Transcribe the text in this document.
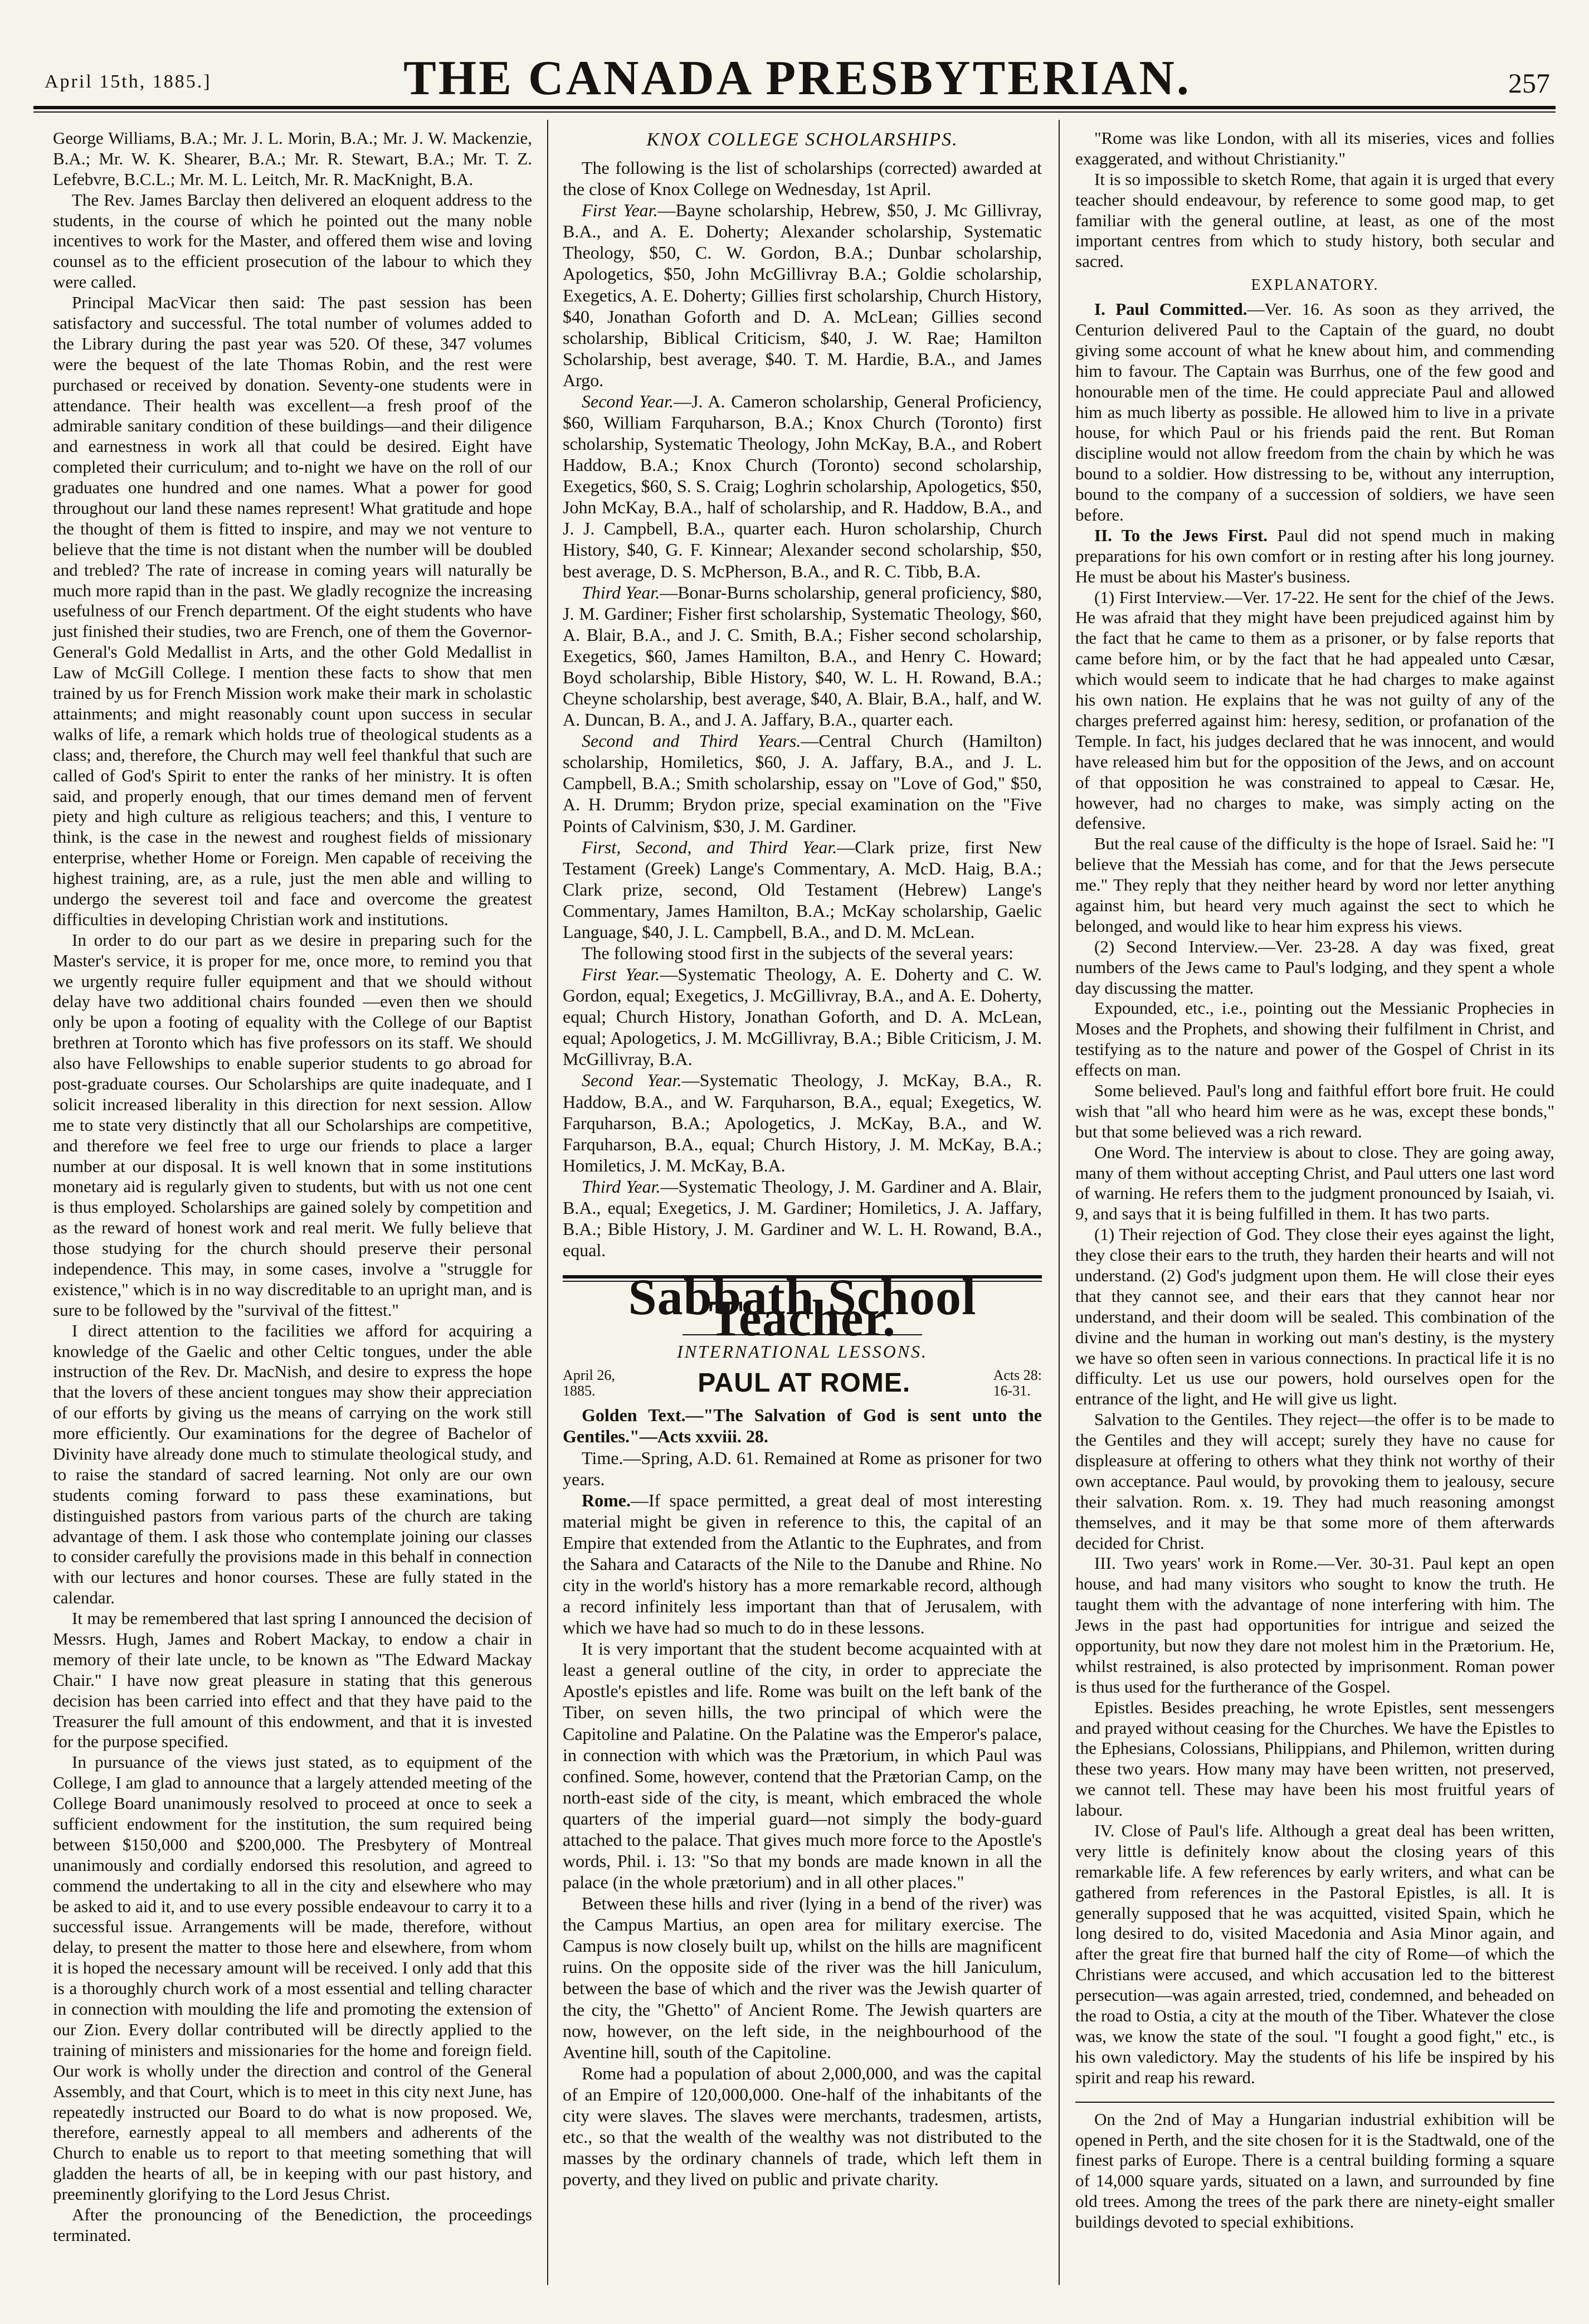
April 15th, 1885.]	THE CANADA PRESBYTERIAN.	257

George Williams, B.A.; Mr. J. L. Morin, B.A.; Mr. J. W. Mackenzie, B.A.; Mr. W. K. Shearer, B.A.; Mr. R. Stewart, B.A.; Mr. T. Z. Lefebvre, B.C.L.; Mr. M. L. Leitch, Mr. R. MacKnight, B.A.

The Rev. James Barclay then delivered an eloquent address to the students, in the course of which he pointed out the many noble incentives to work for the Master, and offered them wise and loving counsel as to the efficient prosecution of the labour to which they were called.

Principal MacVicar then said: The past session has been satisfactory and successful. The total number of volumes added to the Library during the past year was 520. Of these, 347 volumes were the bequest of the late Thomas Robin, and the rest were purchased or received by donation. Seventy-one students were in attendance. Their health was excellent—a fresh proof of the admirable sanitary condition of these buildings—and their diligence and earnestness in work all that could be desired. Eight have completed their curriculum; and to-night we have on the roll of our graduates one hundred and one names. What a power for good throughout our land these names represent! What gratitude and hope the thought of them is fitted to inspire, and may we not venture to believe that the time is not distant when the number will be doubled and trebled? The rate of increase in coming years will naturally be much more rapid than in the past. We gladly recognize the increasing usefulness of our French department. Of the eight students who have just finished their studies, two are French, one of them the Governor-General's Gold Medallist in Arts, and the other Gold Medallist in Law of McGill College. I mention these facts to show that men trained by us for French Mission work make their mark in scholastic attainments; and might reasonably count upon success in secular walks of life, a remark which holds true of theological students as a class; and, therefore, the Church may well feel thankful that such are called of God's Spirit to enter the ranks of her ministry. It is often said, and properly enough, that our times demand men of fervent piety and high culture as religious teachers; and this, I venture to think, is the case in the newest and roughest fields of missionary enterprise, whether Home or Foreign. Men capable of receiving the highest training, are, as a rule, just the men able and willing to undergo the severest toil and face and overcome the greatest difficulties in developing Christian work and institutions.

In order to do our part as we desire in preparing such for the Master's service, it is proper for me, once more, to remind you that we urgently require fuller equipment and that we should without delay have two additional chairs founded —even then we should only be upon a footing of equality with the College of our Baptist brethren at Toronto which has five professors on its staff. We should also have Fellowships to enable superior students to go abroad for post-graduate courses. Our Scholarships are quite inadequate, and I solicit increased liberality in this direction for next session. Allow me to state very distinctly that all our Scholarships are competitive, and therefore we feel free to urge our friends to place a larger number at our disposal. It is well known that in some institutions monetary aid is regularly given to students, but with us not one cent is thus employed. Scholarships are gained solely by competition and as the reward of honest work and real merit. We fully believe that those studying for the church should preserve their personal independence. This may, in some cases, involve a "struggle for existence," which is in no way discreditable to an upright man, and is sure to be followed by the "survival of the fittest."

I direct attention to the facilities we afford for acquiring a knowledge of the Gaelic and other Celtic tongues, under the able instruction of the Rev. Dr. MacNish, and desire to express the hope that the lovers of these ancient tongues may show their appreciation of our efforts by giving us the means of carrying on the work still more efficiently. Our examinations for the degree of Bachelor of Divinity have already done much to stimulate theological study, and to raise the standard of sacred learning. Not only are our own students coming forward to pass these examinations, but distinguished pastors from various parts of the church are taking advantage of them. I ask those who contemplate joining our classes to consider carefully the provisions made in this behalf in connection with our lectures and honor courses. These are fully stated in the calendar.

It may be remembered that last spring I announced the decision of Messrs. Hugh, James and Robert Mackay, to endow a chair in memory of their late uncle, to be known as "The Edward Mackay Chair." I have now great pleasure in stating that this generous decision has been carried into effect and that they have paid to the Treasurer the full amount of this endowment, and that it is invested for the purpose specified.

In pursuance of the views just stated, as to equipment of the College, I am glad to announce that a largely attended meeting of the College Board unanimously resolved to proceed at once to seek a sufficient endowment for the institution, the sum required being between $150,000 and $200,000. The Presbytery of Montreal unanimously and cordially endorsed this resolution, and agreed to commend the undertaking to all in the city and elsewhere who may be asked to aid it, and to use every possible endeavour to carry it to a successful issue. Arrangements will be made, therefore, without delay, to present the matter to those here and elsewhere, from whom it is hoped the necessary amount will be received. I only add that this is a thoroughly church work of a most essential and telling character in connection with moulding the life and promoting the extension of our Zion. Every dollar contributed will be directly applied to the training of ministers and missionaries for the home and foreign field. Our work is wholly under the direction and control of the General Assembly, and that Court, which is to meet in this city next June, has repeatedly instructed our Board to do what is now proposed. We, therefore, earnestly appeal to all members and adherents of the Church to enable us to report to that meeting something that will gladden the hearts of all, be in keeping with our past history, and preeminently glorifying to the Lord Jesus Christ.

After the pronouncing of the Benediction, the proceedings terminated.

KNOX COLLEGE SCHOLARSHIPS.

The following is the list of scholarships (corrected) awarded at the close of Knox College on Wednesday, 1st April.

First Year.—Bayne scholarship, Hebrew, $50, J. Mc Gillivray, B.A., and A. E. Doherty; Alexander scholarship, Systematic Theology, $50, C. W. Gordon, B.A.; Dunbar scholarship, Apologetics, $50, John McGillivray B.A.; Goldie scholarship, Exegetics, A. E. Doherty; Gillies first scholarship, Church History, $40, Jonathan Goforth and D. A. McLean; Gillies second scholarship, Biblical Criticism, $40, J. W. Rae; Hamilton Scholarship, best average, $40. T. M. Hardie, B.A., and James Argo.

Second Year.—J. A. Cameron scholarship, General Proficiency, $60, William Farquharson, B.A.; Knox Church (Toronto) first scholarship, Systematic Theology, John McKay, B.A., and Robert Haddow, B.A.; Knox Church (Toronto) second scholarship, Exegetics, $60, S. S. Craig; Loghrin scholarship, Apologetics, $50, John McKay, B.A., half of scholarship, and R. Haddow, B.A., and J. J. Campbell, B.A., quarter each. Huron scholarship, Church History, $40, G. F. Kinnear; Alexander second scholarship, $50, best average, D. S. McPherson, B.A., and R. C. Tibb, B.A.

Third Year.—Bonar-Burns scholarship, general proficiency, $80, J. M. Gardiner; Fisher first scholarship, Systematic Theology, $60, A. Blair, B.A., and J. C. Smith, B.A.; Fisher second scholarship, Exegetics, $60, James Hamilton, B.A., and Henry C. Howard; Boyd scholarship, Bible History, $40, W. L. H. Rowand, B.A.; Cheyne scholarship, best average, $40, A. Blair, B.A., half, and W. A. Duncan, B. A., and J. A. Jaffary, B.A., quarter each.

Second and Third Years.—Central Church (Hamilton) scholarship, Homiletics, $60, J. A. Jaffary, B.A., and J. L. Campbell, B.A.; Smith scholarship, essay on "Love of God," $50, A. H. Drumm; Brydon prize, special examination on the "Five Points of Calvinism, $30, J. M. Gardiner.

First, Second, and Third Year.—Clark prize, first New Testament (Greek) Lange's Commentary, A. McD. Haig, B.A.; Clark prize, second, Old Testament (Hebrew) Lange's Commentary, James Hamilton, B.A.; McKay scholarship, Gaelic Language, $40, J. L. Campbell, B.A., and D. M. McLean.

The following stood first in the subjects of the several years:

First Year.—Systematic Theology, A. E. Doherty and C. W. Gordon, equal; Exegetics, J. McGillivray, B.A., and A. E. Doherty, equal; Church History, Jonathan Goforth, and D. A. McLean, equal; Apologetics, J. M. McGillivray, B.A.; Bible Criticism, J. M. McGillivray, B.A.

Second Year.—Systematic Theology, J. McKay, B.A., R. Haddow, B.A., and W. Farquharson, B.A., equal; Exegetics, W. Farquharson, B.A.; Apologetics, J. McKay, B.A., and W. Farquharson, B.A., equal; Church History, J. M. McKay, B.A.; Homiletics, J. M. McKay, B.A.

Third Year.—Systematic Theology, J. M. Gardiner and A. Blair, B.A., equal; Exegetics, J. M. Gardiner; Homiletics, J. A. Jaffary, B.A.; Bible History, J. M. Gardiner and W. L. H. Rowand, B.A., equal.

Sabbath School Teacher.
INTERNATIONAL LESSONS.
April 26,
1885.	PAUL AT ROME.	Acts 28:
16-31.

Golden Text.—"The Salvation of God is sent unto the Gentiles."—Acts xxviii. 28.

Time.—Spring, A.D. 61. Remained at Rome as prisoner for two years.

Rome.—If space permitted, a great deal of most interesting material might be given in reference to this, the capital of an Empire that extended from the Atlantic to the Euphrates, and from the Sahara and Cataracts of the Nile to the Danube and Rhine. No city in the world's history has a more remarkable record, although a record infinitely less important than that of Jerusalem, with which we have had so much to do in these lessons.

It is very important that the student become acquainted with at least a general outline of the city, in order to appreciate the Apostle's epistles and life. Rome was built on the left bank of the Tiber, on seven hills, the two principal of which were the Capitoline and Palatine. On the Palatine was the Emperor's palace, in connection with which was the Prætorium, in which Paul was confined. Some, however, contend that the Prætorian Camp, on the north-east side of the city, is meant, which embraced the whole quarters of the imperial guard—not simply the body-guard attached to the palace. That gives much more force to the Apostle's words, Phil. i. 13: "So that my bonds are made known in all the palace (in the whole prætorium) and in all other places."

Between these hills and river (lying in a bend of the river) was the Campus Martius, an open area for military exercise. The Campus is now closely built up, whilst on the hills are magnificent ruins. On the opposite side of the river was the hill Janiculum, between the base of which and the river was the Jewish quarter of the city, the "Ghetto" of Ancient Rome. The Jewish quarters are now, however, on the left side, in the neighbourhood of the Aventine hill, south of the Capitoline.

Rome had a population of about 2,000,000, and was the capital of an Empire of 120,000,000. One-half of the inhabitants of the city were slaves. The slaves were merchants, tradesmen, artists, etc., so that the wealth of the wealthy was not distributed to the masses by the ordinary channels of trade, which left them in poverty, and they lived on public and private charity.

"Rome was like London, with all its miseries, vices and follies exaggerated, and without Christianity."

It is so impossible to sketch Rome, that again it is urged that every teacher should endeavour, by reference to some good map, to get familiar with the general outline, at least, as one of the most important centres from which to study history, both secular and sacred.

EXPLANATORY.

I. Paul Committed.—Ver. 16. As soon as they arrived, the Centurion delivered Paul to the Captain of the guard, no doubt giving some account of what he knew about him, and commending him to favour. The Captain was Burrhus, one of the few good and honourable men of the time. He could appreciate Paul and allowed him as much liberty as possible. He allowed him to live in a private house, for which Paul or his friends paid the rent. But Roman discipline would not allow freedom from the chain by which he was bound to a soldier. How distressing to be, without any interruption, bound to the company of a succession of soldiers, we have seen before.

II. To the Jews First. Paul did not spend much in making preparations for his own comfort or in resting after his long journey. He must be about his Master's business.

(1) First Interview.—Ver. 17-22. He sent for the chief of the Jews. He was afraid that they might have been prejudiced against him by the fact that he came to them as a prisoner, or by false reports that came before him, or by the fact that he had appealed unto Cæsar, which would seem to indicate that he had charges to make against his own nation. He explains that he was not guilty of any of the charges preferred against him: heresy, sedition, or profanation of the Temple. In fact, his judges declared that he was innocent, and would have released him but for the opposition of the Jews, and on account of that opposition he was constrained to appeal to Cæsar. He, however, had no charges to make, was simply acting on the defensive.

But the real cause of the difficulty is the hope of Israel. Said he: "I believe that the Messiah has come, and for that the Jews persecute me." They reply that they neither heard by word nor letter anything against him, but heard very much against the sect to which he belonged, and would like to hear him express his views.

(2) Second Interview.—Ver. 23-28. A day was fixed, great numbers of the Jews came to Paul's lodging, and they spent a whole day discussing the matter.

Expounded, etc., i.e., pointing out the Messianic Prophecies in Moses and the Prophets, and showing their fulfilment in Christ, and testifying as to the nature and power of the Gospel of Christ in its effects on man.

Some believed. Paul's long and faithful effort bore fruit. He could wish that "all who heard him were as he was, except these bonds," but that some believed was a rich reward.

One Word. The interview is about to close. They are going away, many of them without accepting Christ, and Paul utters one last word of warning. He refers them to the judgment pronounced by Isaiah, vi. 9, and says that it is being fulfilled in them. It has two parts.

(1) Their rejection of God. They close their eyes against the light, they close their ears to the truth, they harden their hearts and will not understand. (2) God's judgment upon them. He will close their eyes that they cannot see, and their ears that they cannot hear nor understand, and their doom will be sealed. This combination of the divine and the human in working out man's destiny, is the mystery we have so often seen in various connections. In practical life it is no difficulty. Let us use our powers, hold ourselves open for the entrance of the light, and He will give us light.

Salvation to the Gentiles. They reject—the offer is to be made to the Gentiles and they will accept; surely they have no cause for displeasure at offering to others what they think not worthy of their own acceptance. Paul would, by provoking them to jealousy, secure their salvation. Rom. x. 19. They had much reasoning amongst themselves, and it may be that some more of them afterwards decided for Christ.

III. Two years' work in Rome.—Ver. 30-31. Paul kept an open house, and had many visitors who sought to know the truth. He taught them with the advantage of none interfering with him. The Jews in the past had opportunities for intrigue and seized the opportunity, but now they dare not molest him in the Prætorium. He, whilst restrained, is also protected by imprisonment. Roman power is thus used for the furtherance of the Gospel.

Epistles. Besides preaching, he wrote Epistles, sent messengers and prayed without ceasing for the Churches. We have the Epistles to the Ephesians, Colossians, Philippians, and Philemon, written during these two years. How many may have been written, not preserved, we cannot tell. These may have been his most fruitful years of labour.

IV. Close of Paul's life. Although a great deal has been written, very little is definitely know about the closing years of this remarkable life. A few references by early writers, and what can be gathered from references in the Pastoral Epistles, is all. It is generally supposed that he was acquitted, visited Spain, which he long desired to do, visited Macedonia and Asia Minor again, and after the great fire that burned half the city of Rome—of which the Christians were accused, and which accusation led to the bitterest persecution—was again arrested, tried, condemned, and beheaded on the road to Ostia, a city at the mouth of the Tiber. Whatever the close was, we know the state of the soul. "I fought a good fight," etc., is his own valedictory. May the students of his life be inspired by his spirit and reap his reward.

On the 2nd of May a Hungarian industrial exhibition will be opened in Perth, and the site chosen for it is the Stadtwald, one of the finest parks of Europe. There is a central building forming a square of 14,000 square yards, situated on a lawn, and surrounded by fine old trees. Among the trees of the park there are ninety-eight smaller buildings devoted to special exhibitions.
